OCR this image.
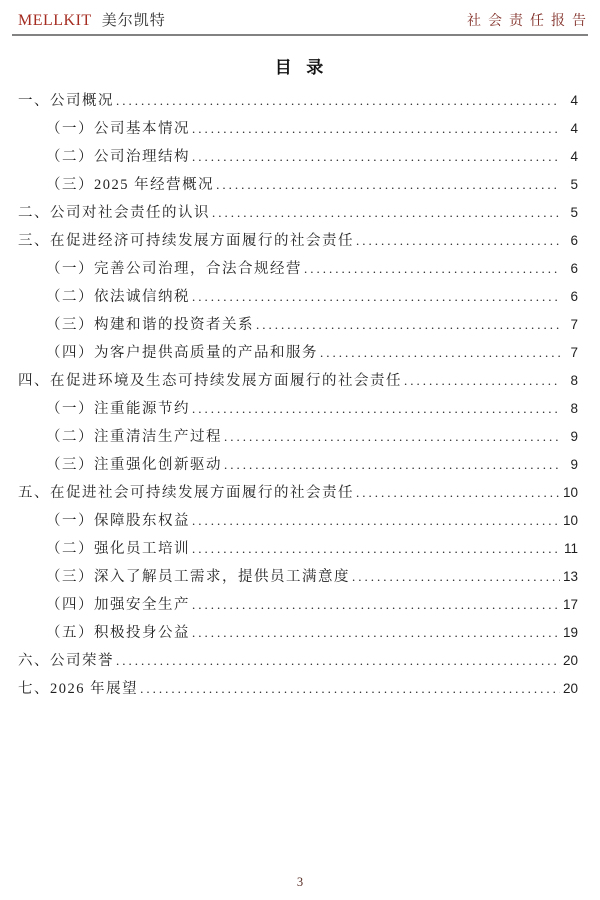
MELLKIT 美尔凯特	社会责任报告
目  录
一、公司概况 .....	4
（一）公司基本情况 .....	4
（二）公司治理结构 .....	4
（三）2025 年经营概况 .....	5
二、公司对社会责任的认识 .....	5
三、在促进经济可持续发展方面履行的社会责任 .....	6
（一）完善公司治理，合法合规经营 .....	6
（二）依法诚信纳税 .....	6
（三）构建和谐的投资者关系 .....	7
（四）为客户提供高质量的产品和服务 .....	7
四、在促进环境及生态可持续发展方面履行的社会责任 .....	8
（一）注重能源节约 .....	8
（二）注重清洁生产过程 .....	9
（三）注重强化创新驱动 .....	9
五、在促进社会可持续发展方面履行的社会责任 .....	10
（一）保障股东权益 .....	10
（二）强化员工培训 .....	11
（三）深入了解员工需求，提供员工满意度 .....	13
（四）加强安全生产 .....	17
（五）积极投身公益 .....	19
六、公司荣誉 .....	20
七、2026 年展望 .....	20
3
